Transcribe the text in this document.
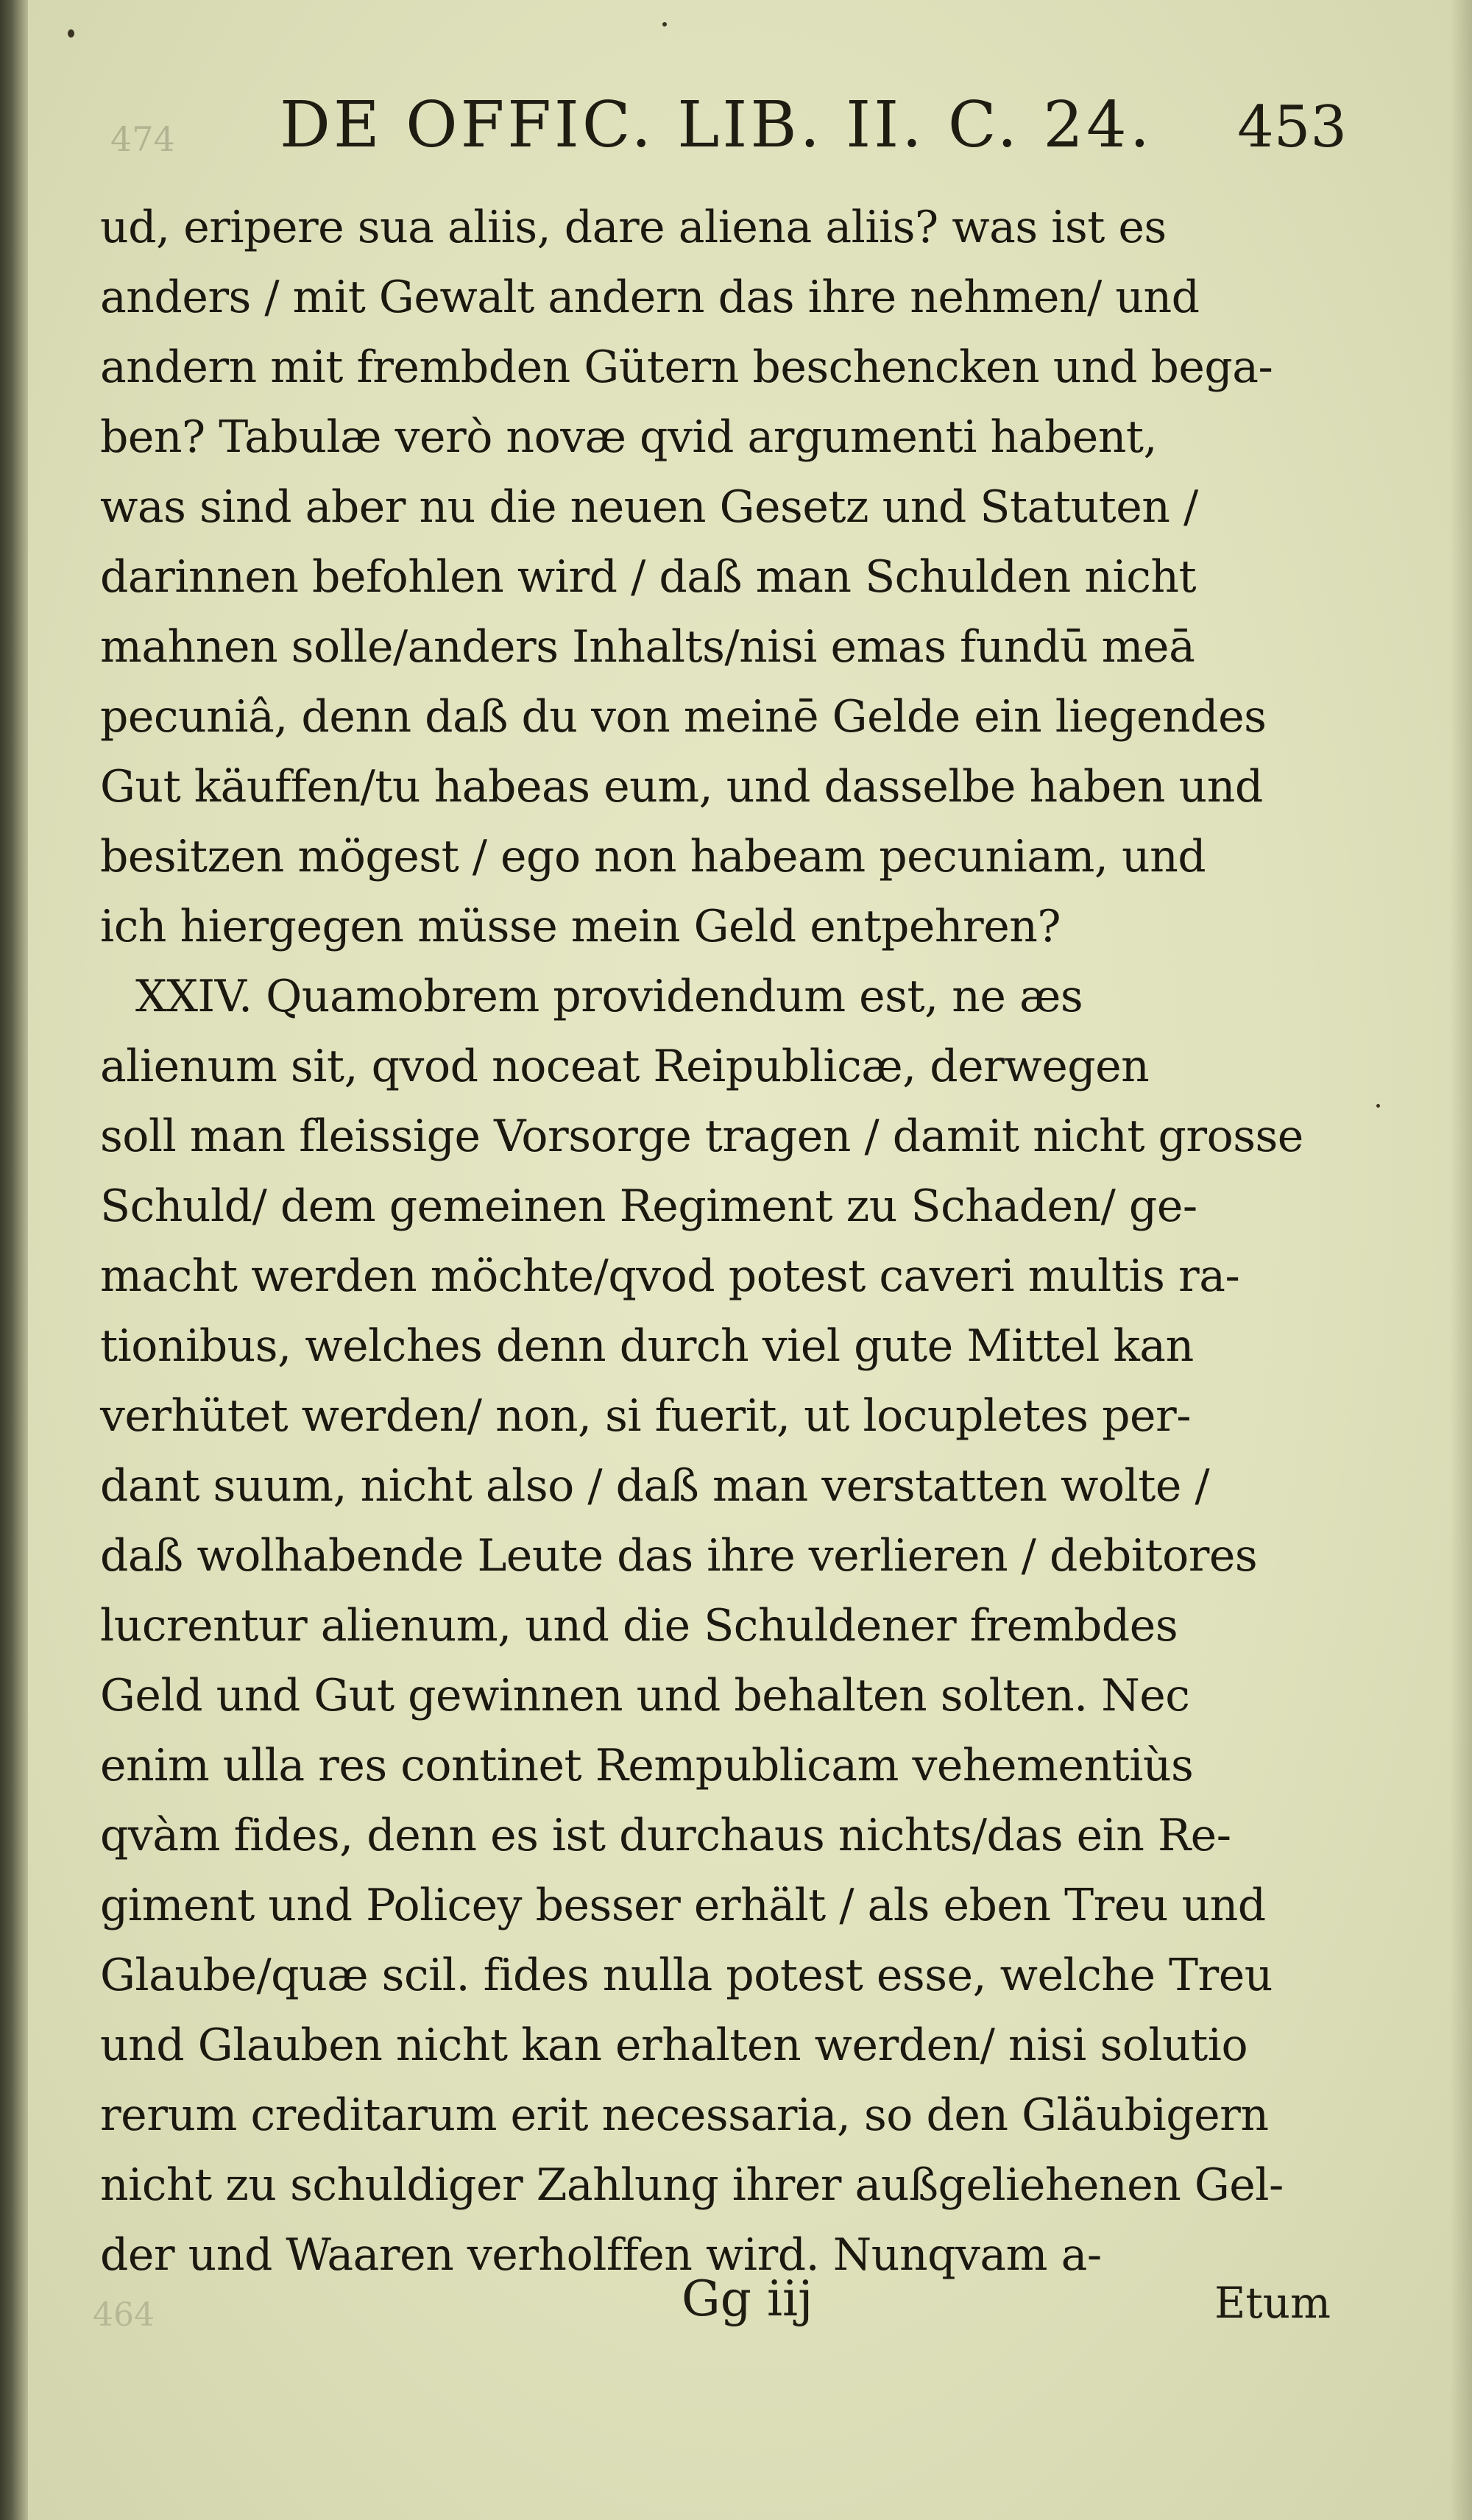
474 DE OFFIC. LIB. II. C. 24. 453
ud, eripere sua aliis, dare aliena aliis? was ist es
anders / mit Gewalt andern das ihre nehmen/ und
andern mit frembden Gütern beschencken und bega-
ben? Tabulæ verò novæ qvid argumenti habent,
was sind aber nu die neuen Gesetz und Statuten /
darinnen befohlen wird / daß man Schulden nicht
mahnen solle/anders Inhalts/nisi emas fundū meā
pecuniâ, denn daß du von meinē Gelde ein liegendes
Gut käuffen/tu habeas eum, und dasselbe haben und
besitzen mögest / ego non habeam pecuniam, und
ich hiergegen müsse mein Geld entpehren?
XXIV. Quamobrem providendum est, ne æs
alienum sit, qvod noceat Reipublicæ, derwegen
soll man fleissige Vorsorge tragen / damit nicht grosse
Schuld/ dem gemeinen Regiment zu Schaden/ ge-
macht werden möchte/qvod potest caveri multis ra-
tionibus, welches denn durch viel gute Mittel kan
verhütet werden/ non, si fuerit, ut locupletes per-
dant suum, nicht also / daß man verstatten wolte /
daß wolhabende Leute das ihre verlieren / debitores
lucrentur alienum, und die Schuldener frembdes
Geld und Gut gewinnen und behalten solten. Nec
enim ulla res continet Rempublicam vehementiùs
qvàm fides, denn es ist durchaus nichts/das ein Re-
giment und Policey besser erhält / als eben Treu und
Glaube/quæ scil. fides nulla potest esse, welche Treu
und Glauben nicht kan erhalten werden/ nisi solutio
rerum creditarum erit necessaria, so den Gläubigern
nicht zu schuldiger Zahlung ihrer außgeliehenen Gel-
der und Waaren verholffen wird. Nunqvam a-
464	Gg iij	Etum
